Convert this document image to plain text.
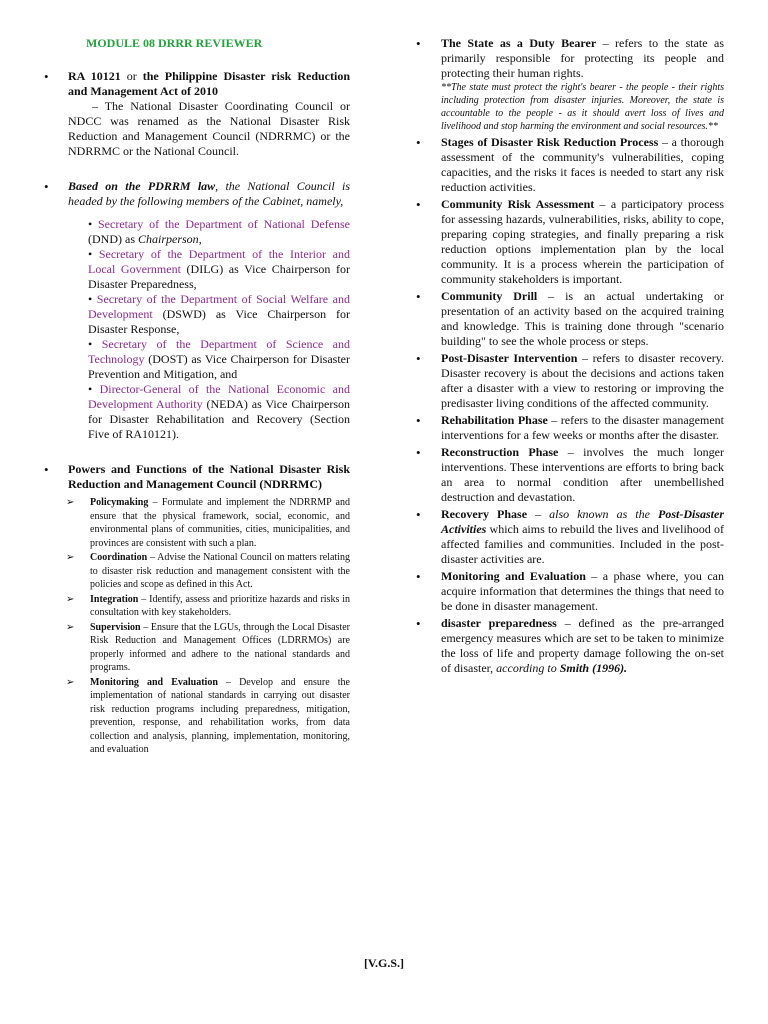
MODULE 08 DRRR REVIEWER
• RA 10121 or the Philippine Disaster risk Reduction and Management Act of 2010
– The National Disaster Coordinating Council or NDCC was renamed as the National Disaster Risk Reduction and Management Council (NDRRMC) or the NDRRMC or the National Council.
• Based on the PDRRM law, the National Council is headed by the following members of the Cabinet, namely,
• Secretary of the Department of National Defense (DND) as Chairperson,
• Secretary of the Department of the Interior and Local Government (DILG) as Vice Chairperson for Disaster Preparedness,
• Secretary of the Department of Social Welfare and Development (DSWD) as Vice Chairperson for Disaster Response,
• Secretary of the Department of Science and Technology (DOST) as Vice Chairperson for Disaster Prevention and Mitigation, and
• Director-General of the National Economic and Development Authority (NEDA) as Vice Chairperson for Disaster Rehabilitation and Recovery (Section Five of RA10121).
• Powers and Functions of the National Disaster Risk Reduction and Management Council (NDRRMC)
➢ Policymaking – Formulate and implement the NDRRMP and ensure that the physical framework, social, economic, and environmental plans of communities, cities, municipalities, and provinces are consistent with such a plan.
➢ Coordination – Advise the National Council on matters relating to disaster risk reduction and management consistent with the policies and scope as defined in this Act.
➢ Integration – Identify, assess and prioritize hazards and risks in consultation with key stakeholders.
➢ Supervision – Ensure that the LGUs, through the Local Disaster Risk Reduction and Management Offices (LDRRMOs) are properly informed and adhere to the national standards and programs.
➢ Monitoring and Evaluation – Develop and ensure the implementation of national standards in carrying out disaster risk reduction programs including preparedness, mitigation, prevention, response, and rehabilitation works, from data collection and analysis, planning, implementation, monitoring, and evaluation
• The State as a Duty Bearer – refers to the state as primarily responsible for protecting its people and protecting their human rights.
**The state must protect the right's bearer - the people - their rights including protection from disaster injuries. Moreover, the state is accountable to the people - as it should avert loss of lives and livelihood and stop harming the environment and social resources.**
• Stages of Disaster Risk Reduction Process – a thorough assessment of the community's vulnerabilities, coping capacities, and the risks it faces is needed to start any risk reduction activities.
• Community Risk Assessment – a participatory process for assessing hazards, vulnerabilities, risks, ability to cope, preparing coping strategies, and finally preparing a risk reduction options implementation plan by the local community. It is a process wherein the participation of community stakeholders is important.
• Community Drill – is an actual undertaking or presentation of an activity based on the acquired training and knowledge. This is training done through "scenario building" to see the whole process or steps.
• Post-Disaster Intervention – refers to disaster recovery. Disaster recovery is about the decisions and actions taken after a disaster with a view to restoring or improving the predisaster living conditions of the affected community.
• Rehabilitation Phase – refers to the disaster management interventions for a few weeks or months after the disaster.
• Reconstruction Phase – involves the much longer interventions. These interventions are efforts to bring back an area to normal condition after unembellished destruction and devastation.
• Recovery Phase – also known as the Post-Disaster Activities which aims to rebuild the lives and livelihood of affected families and communities. Included in the post-disaster activities are.
• Monitoring and Evaluation – a phase where, you can acquire information that determines the things that need to be done in disaster management.
• disaster preparedness – defined as the pre-arranged emergency measures which are set to be taken to minimize the loss of life and property damage following the on-set of disaster, according to Smith (1996).
[V.G.S.]
